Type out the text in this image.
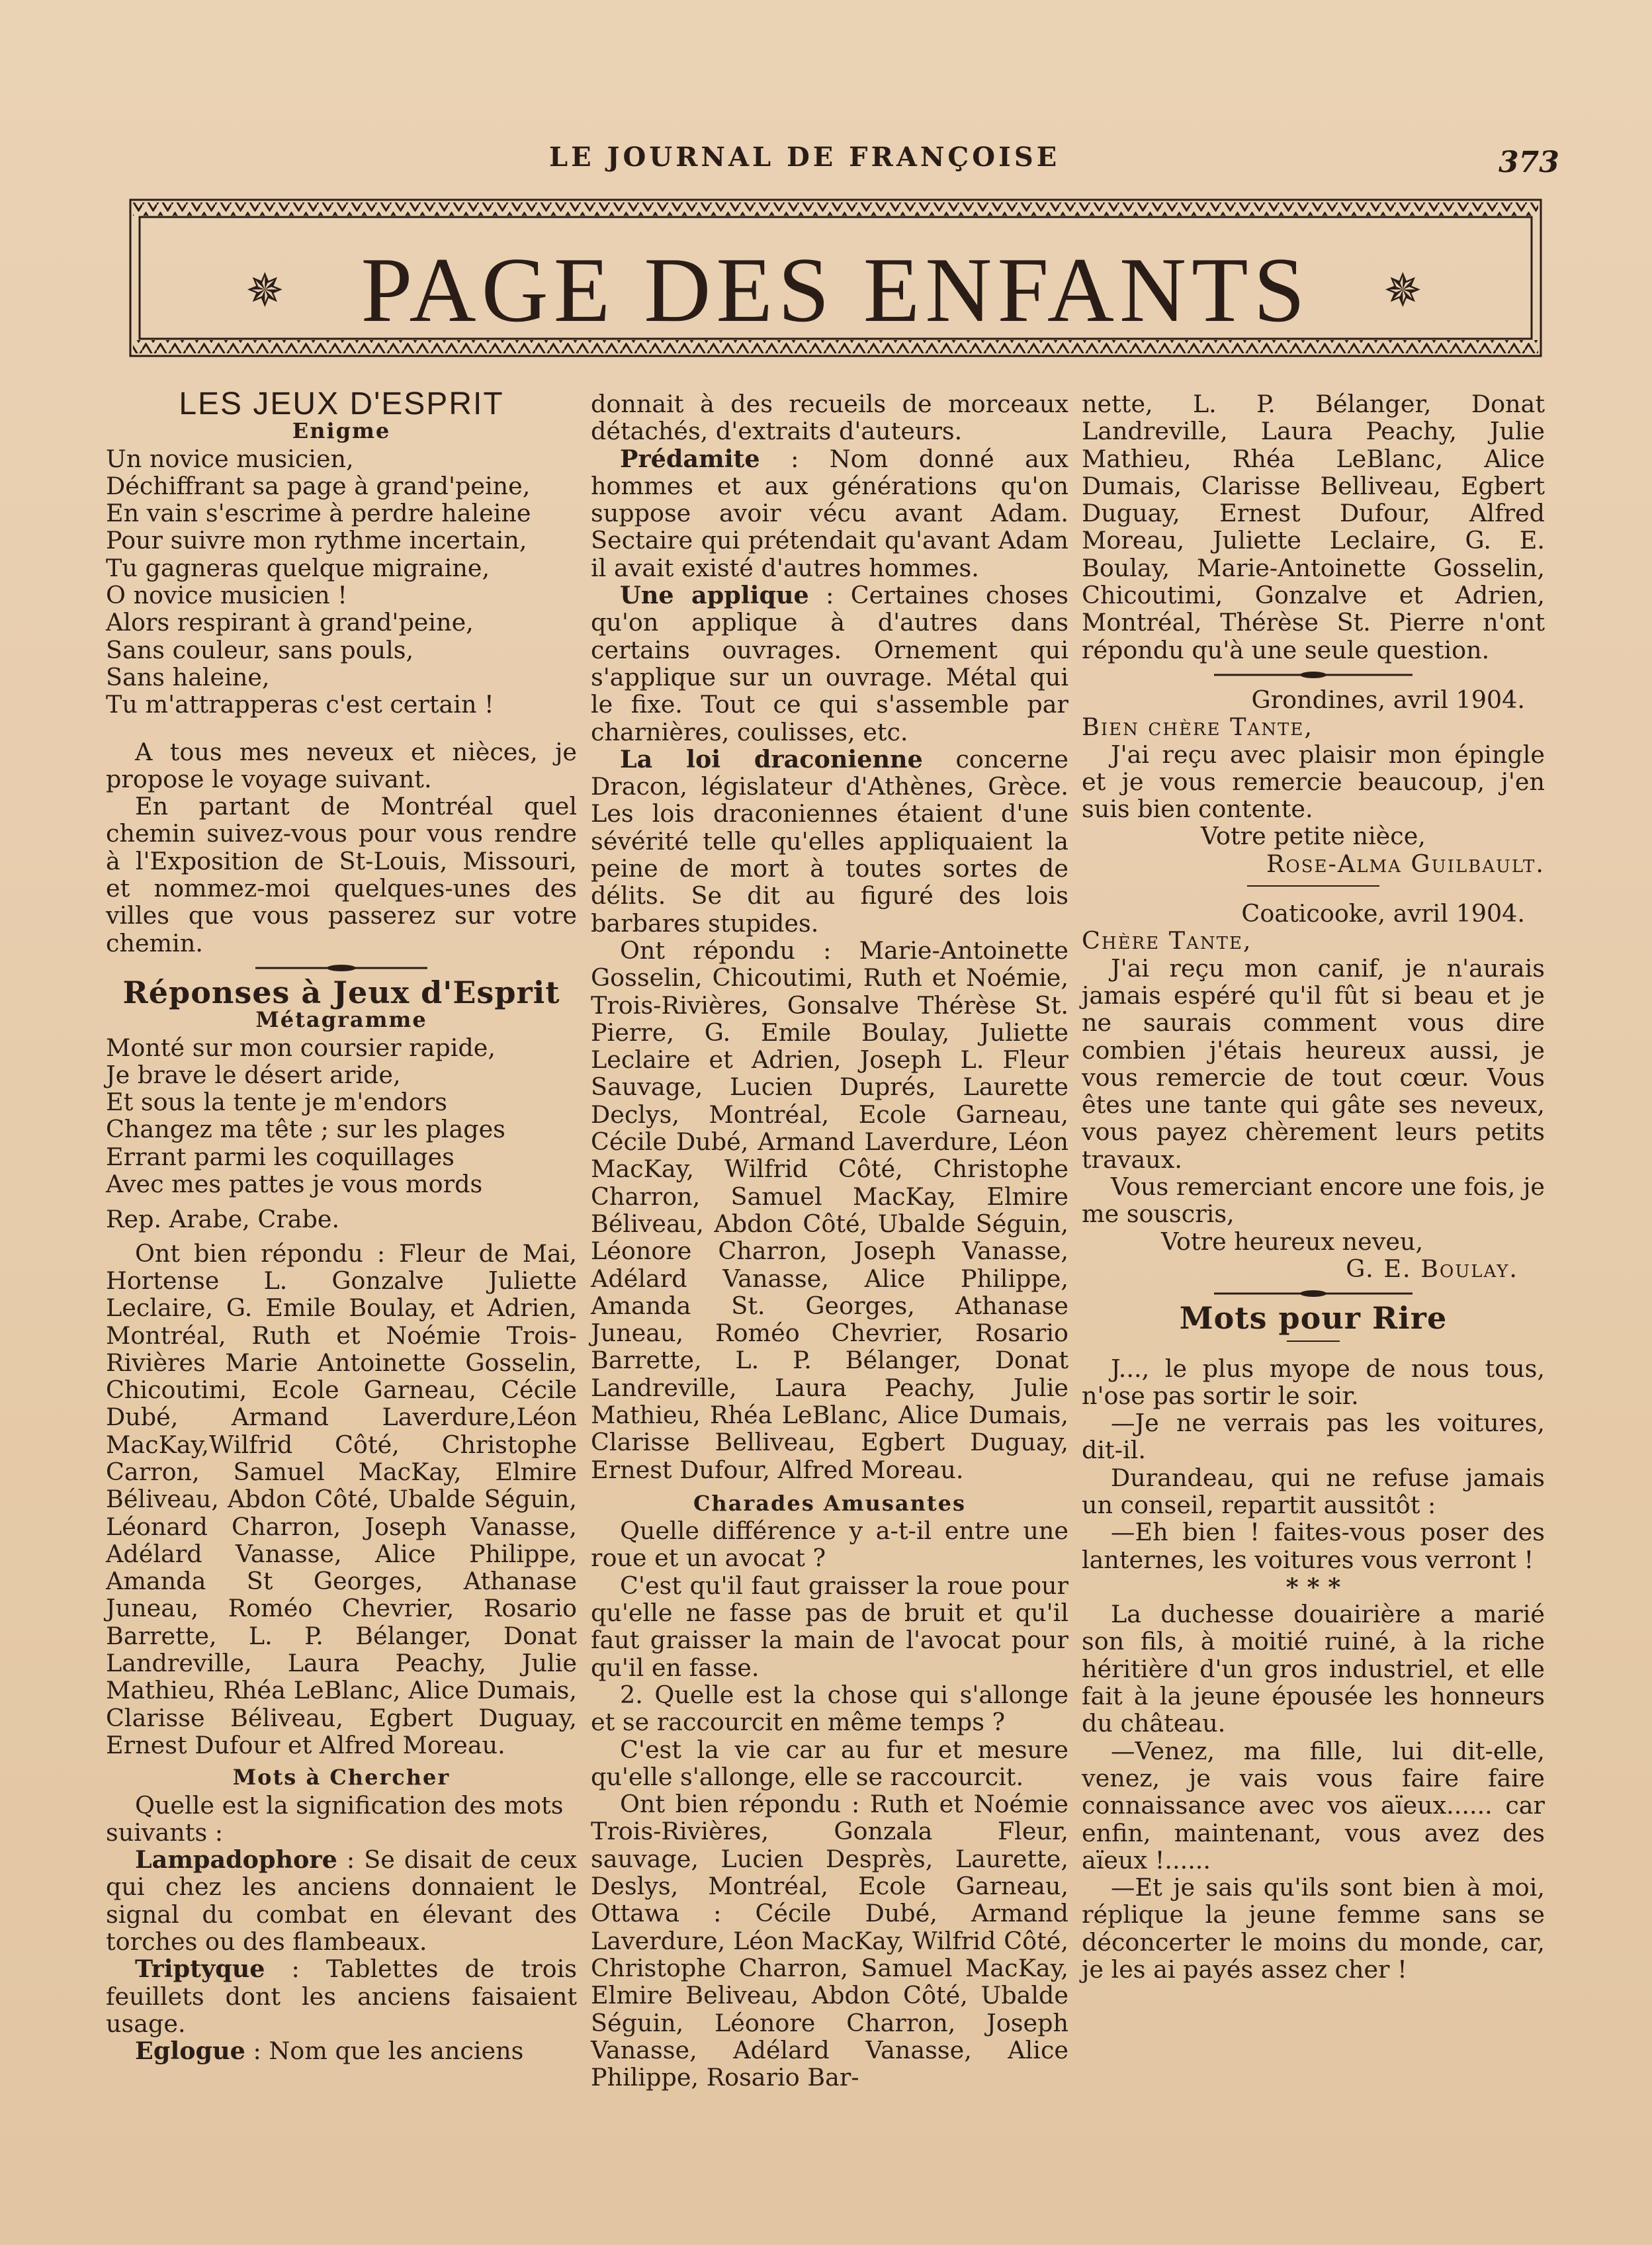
LE JOURNAL DE FRANÇOISE	373
✵ PAGE DES ENFANTS	✵

LES JEUX D'ESPRIT

Enigme

Un novice musicien,

Déchiffrant sa page à grand'peine,

En vain s'escrime à perdre haleine

Pour suivre mon rythme incertain,

Tu gagneras quelque migraine,

O novice musicien !

Alors respirant à grand'peine,

Sans couleur, sans pouls,

Sans haleine,

Tu m'attrapperas c'est certain !

A tous mes neveux et nièces, je propose le voyage suivant.

En partant de Montréal quel chemin suivez-vous pour vous rendre à l'Exposition de St-Louis, Missouri, et nommez-moi quelques-unes des villes que vous passerez sur votre chemin.

Réponses à Jeux d'Esprit

Métagramme

Monté sur mon coursier rapide,

Je brave le désert aride,

Et sous la tente je m'endors

Changez ma tête ; sur les plages

Errant parmi les coquillages

Avec mes pattes je vous mords

Rep. Arabe, Crabe.

Ont bien répondu : Fleur de Mai, Hortense L. Gonzalve Juliette Leclaire, G. Emile Boulay, et Adrien, Montréal, Ruth et Noémie Trois-Rivières Marie Antoinette Gosselin, Chicoutimi, Ecole Garneau, Cécile Dubé, Armand Laverdure,Léon MacKay,Wilfrid Côté, Christophe Carron, Samuel MacKay, Elmire Béliveau, Abdon Côté, Ubalde Séguin, Léonard Charron, Joseph Vanasse, Adélard Vanasse, Alice Philippe, Amanda St Georges, Athanase Juneau, Roméo Chevrier, Rosario Barrette, L. P. Bélanger, Donat Landreville, Laura Peachy, Julie Mathieu, Rhéa LeBlanc, Alice Dumais, Clarisse Béliveau, Egbert Duguay, Ernest Dufour et Alfred Moreau.

Mots à Chercher

Quelle est la signification des mots suivants :

Lampadophore : Se disait de ceux qui chez les anciens donnaient le signal du combat en élevant des torches ou des flambeaux.

Triptyque : Tablettes de trois feuillets dont les anciens faisaient usage.

Eglogue : Nom que les anciens

donnait à des recueils de morceaux détachés, d'extraits d'auteurs.

Prédamite : Nom donné aux hommes et aux générations qu'on suppose avoir vécu avant Adam. Sectaire qui prétendait qu'avant Adam il avait existé d'autres hommes.

Une applique : Certaines choses qu'on applique à d'autres dans certains ouvrages. Ornement qui s'applique sur un ouvrage. Métal qui le fixe. Tout ce qui s'assemble par charnières, coulisses, etc.

La loi draconienne concerne Dracon, législateur d'Athènes, Grèce. Les lois draconiennes étaient d'une sévérité telle qu'elles appliquaient la peine de mort à toutes sortes de délits. Se dit au figuré des lois barbares stupides.

Ont répondu : Marie-Antoinette Gosselin, Chicoutimi, Ruth et Noémie, Trois-Rivières, Gonsalve Thérèse St. Pierre, G. Emile Boulay, Juliette Leclaire et Adrien, Joseph L. Fleur Sauvage, Lucien Duprés, Laurette Declys, Montréal, Ecole Garneau, Cécile Dubé, Armand Laverdure, Léon MacKay, Wilfrid Côté, Christophe Charron, Samuel MacKay, Elmire Béliveau, Abdon Côté, Ubalde Séguin, Léonore Charron, Joseph Vanasse, Adélard Vanasse, Alice Philippe, Amanda St. Georges, Athanase Juneau, Roméo Chevrier, Rosario Barrette, L. P. Bélanger, Donat Landreville, Laura Peachy, Julie Mathieu, Rhéa LeBlanc, Alice Dumais, Clarisse Belliveau, Egbert Duguay, Ernest Dufour, Alfred Moreau.

Charades Amusantes

Quelle différence y a-t-il entre une roue et un avocat ?

C'est qu'il faut graisser la roue pour qu'elle ne fasse pas de bruit et qu'il faut graisser la main de l'avocat pour qu'il en fasse.

2. Quelle est la chose qui s'allonge et se raccourcit en même temps ?

C'est la vie car au fur et mesure qu'elle s'allonge, elle se raccourcit.

Ont bien répondu : Ruth et Noémie Trois-Rivières, Gonzala Fleur, sauvage, Lucien Desprès, Laurette, Deslys, Montréal, Ecole Garneau, Ottawa : Cécile Dubé, Armand Laverdure, Léon MacKay, Wilfrid Côté, Christophe Charron, Samuel MacKay, Elmire Beliveau, Abdon Côté, Ubalde Séguin, Léonore Charron, Joseph Vanasse, Adélard Vanasse, Alice Philippe, Rosario Bar-

nette, L. P. Bélanger, Donat Landreville, Laura Peachy, Julie Mathieu, Rhéa LeBlanc, Alice Dumais, Clarisse Belliveau, Egbert Duguay, Ernest Dufour, Alfred Moreau, Juliette Leclaire, G. E. Boulay, Marie-Antoinette Gosselin, Chicoutimi, Gonzalve et Adrien, Montréal, Thérèse St. Pierre n'ont répondu qu'à une seule question.

Grondines, avril 1904.

Bien chère Tante,

J'ai reçu avec plaisir mon épingle et je vous remercie beaucoup, j'en suis bien contente.

Votre petite nièce,

Rose-Alma Guilbault.

Coaticooke, avril 1904.

Chère Tante,

J'ai reçu mon canif, je n'aurais jamais espéré qu'il fût si beau et je ne saurais comment vous dire combien j'étais heureux aussi, je vous remercie de tout cœur. Vous êtes une tante qui gâte ses neveux, vous payez chèrement leurs petits travaux.

Vous remerciant encore une fois, je me souscris,

Votre heureux neveu,

G. E. Boulay.

Mots pour Rire

J..., le plus myope de nous tous, n'ose pas sortir le soir.

—Je ne verrais pas les voitures, dit-il.

Durandeau, qui ne refuse jamais un conseil, repartit aussitôt :

—Eh bien ! faites-vous poser des lanternes, les voitures vous verront !

* * *

La duchesse douairière a marié son fils, à moitié ruiné, à la riche héritière d'un gros industriel, et elle fait à la jeune épousée les honneurs du château.

—Venez, ma fille, lui dit-elle, venez, je vais vous faire faire connaissance avec vos aïeux...... car enfin, maintenant, vous avez des aïeux !......

—Et je sais qu'ils sont bien à moi, réplique la jeune femme sans se déconcerter le moins du monde, car, je les ai payés assez cher !
